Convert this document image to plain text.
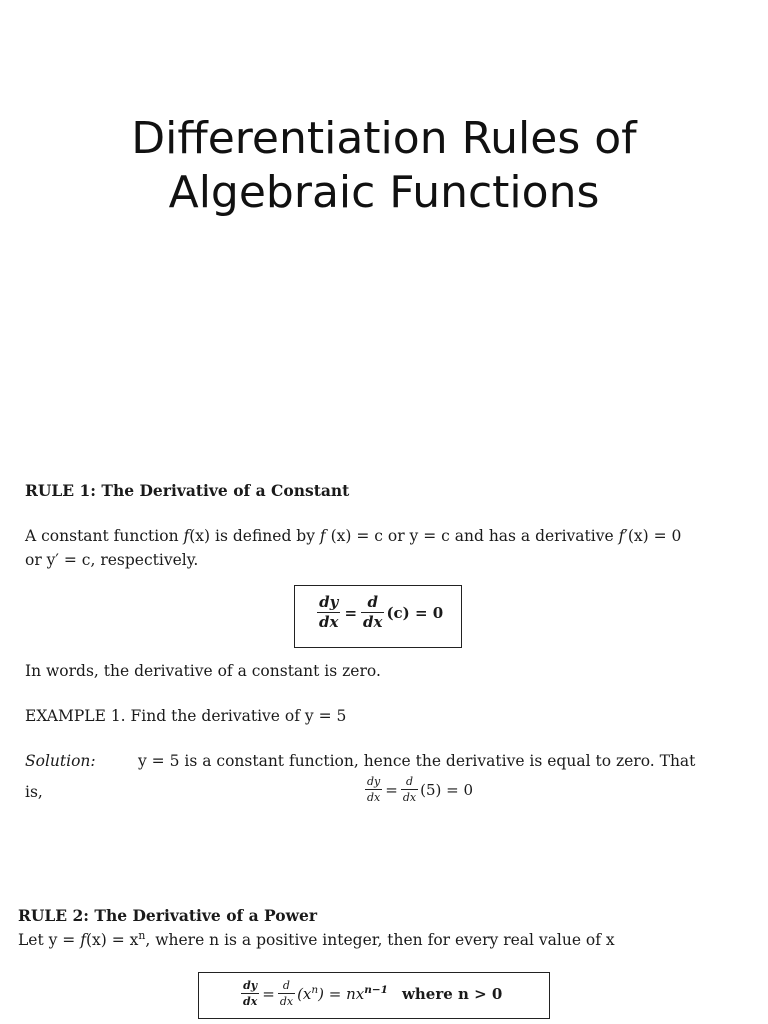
Differentiation Rules of
Algebraic Functions
RULE 1: The Derivative of a Constant
A constant function f(x) is defined by f (x) = c or y = c and has a derivative f′(x) = 0
or y′ = c, respectively.
$\frac{dy}{dx} = \frac{d}{dx} (c) = 0$
In words, the derivative of a constant is zero.
EXAMPLE 1. Find the derivative of y = 5
Solution:	y = 5 is a constant function, hence the derivative is equal to zero. That
is,	$\frac{dy}{dx} = \frac{d}{dx} (5) = 0$
RULE 2: The Derivative of a Power
Let $y = f(x) = x^n$, where n is a positive integer, then for every real value of x
$\frac{dy}{dx} = \frac{d}{dx} (x^n) = nx^{n-1}$ where n > 0
